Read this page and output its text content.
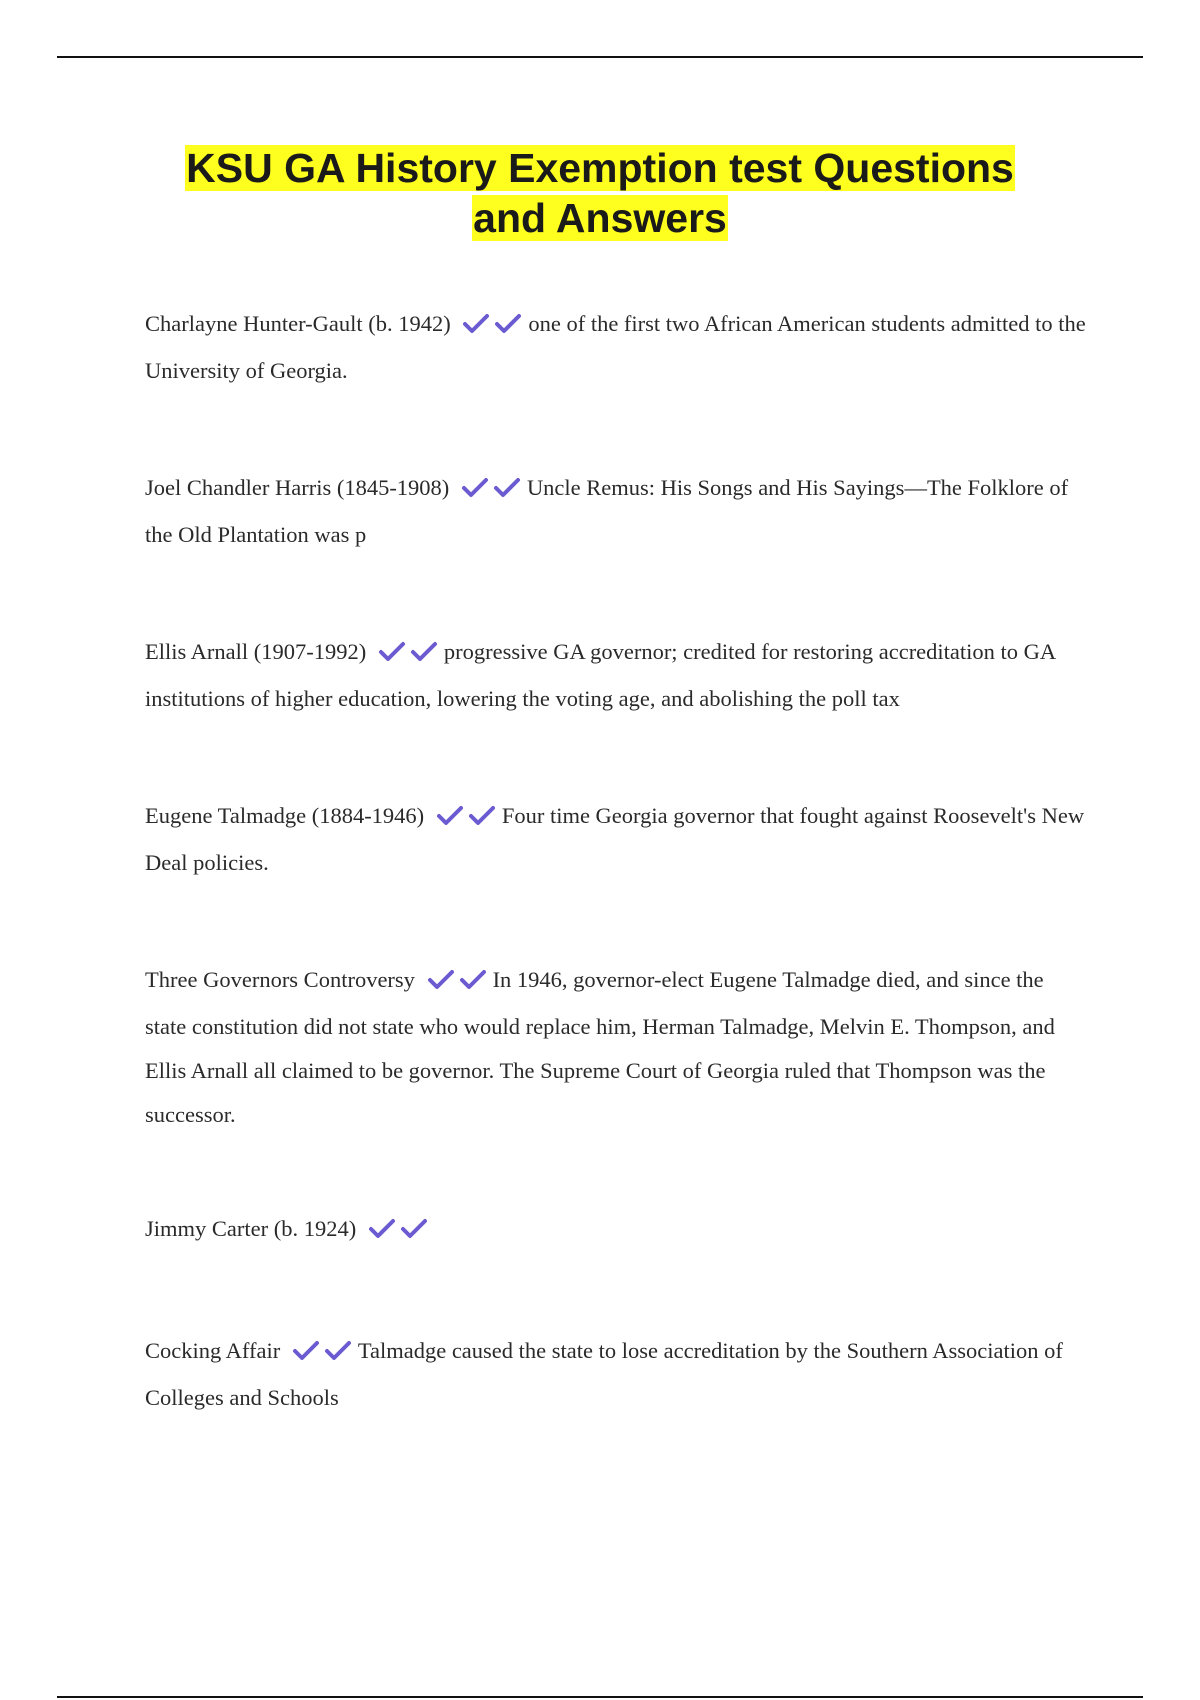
KSU GA History Exemption test Questions
and Answers
Charlayne Hunter-Gault (b. 1942)	one of the first two African American students admitted to the University of Georgia.
Joel Chandler Harris (1845-1908)	Uncle Remus: His Songs and His Sayings—The Folklore of the Old Plantation was p
Ellis Arnall (1907-1992)	progressive GA governor; credited for restoring accreditation to GA institutions of higher education, lowering the voting age, and abolishing the poll tax
Eugene Talmadge (1884-1946)	Four time Georgia governor that fought against Roosevelt's New Deal policies.
Three Governors Controversy	In 1946, governor-elect Eugene Talmadge died, and since the state constitution did not state who would replace him, Herman Talmadge, Melvin E. Thompson, and Ellis Arnall all claimed to be governor. The Supreme Court of Georgia ruled that Thompson was the successor.
Jimmy Carter (b. 1924)
Cocking Affair	Talmadge caused the state to lose accreditation by the Southern Association of Colleges and Schools
